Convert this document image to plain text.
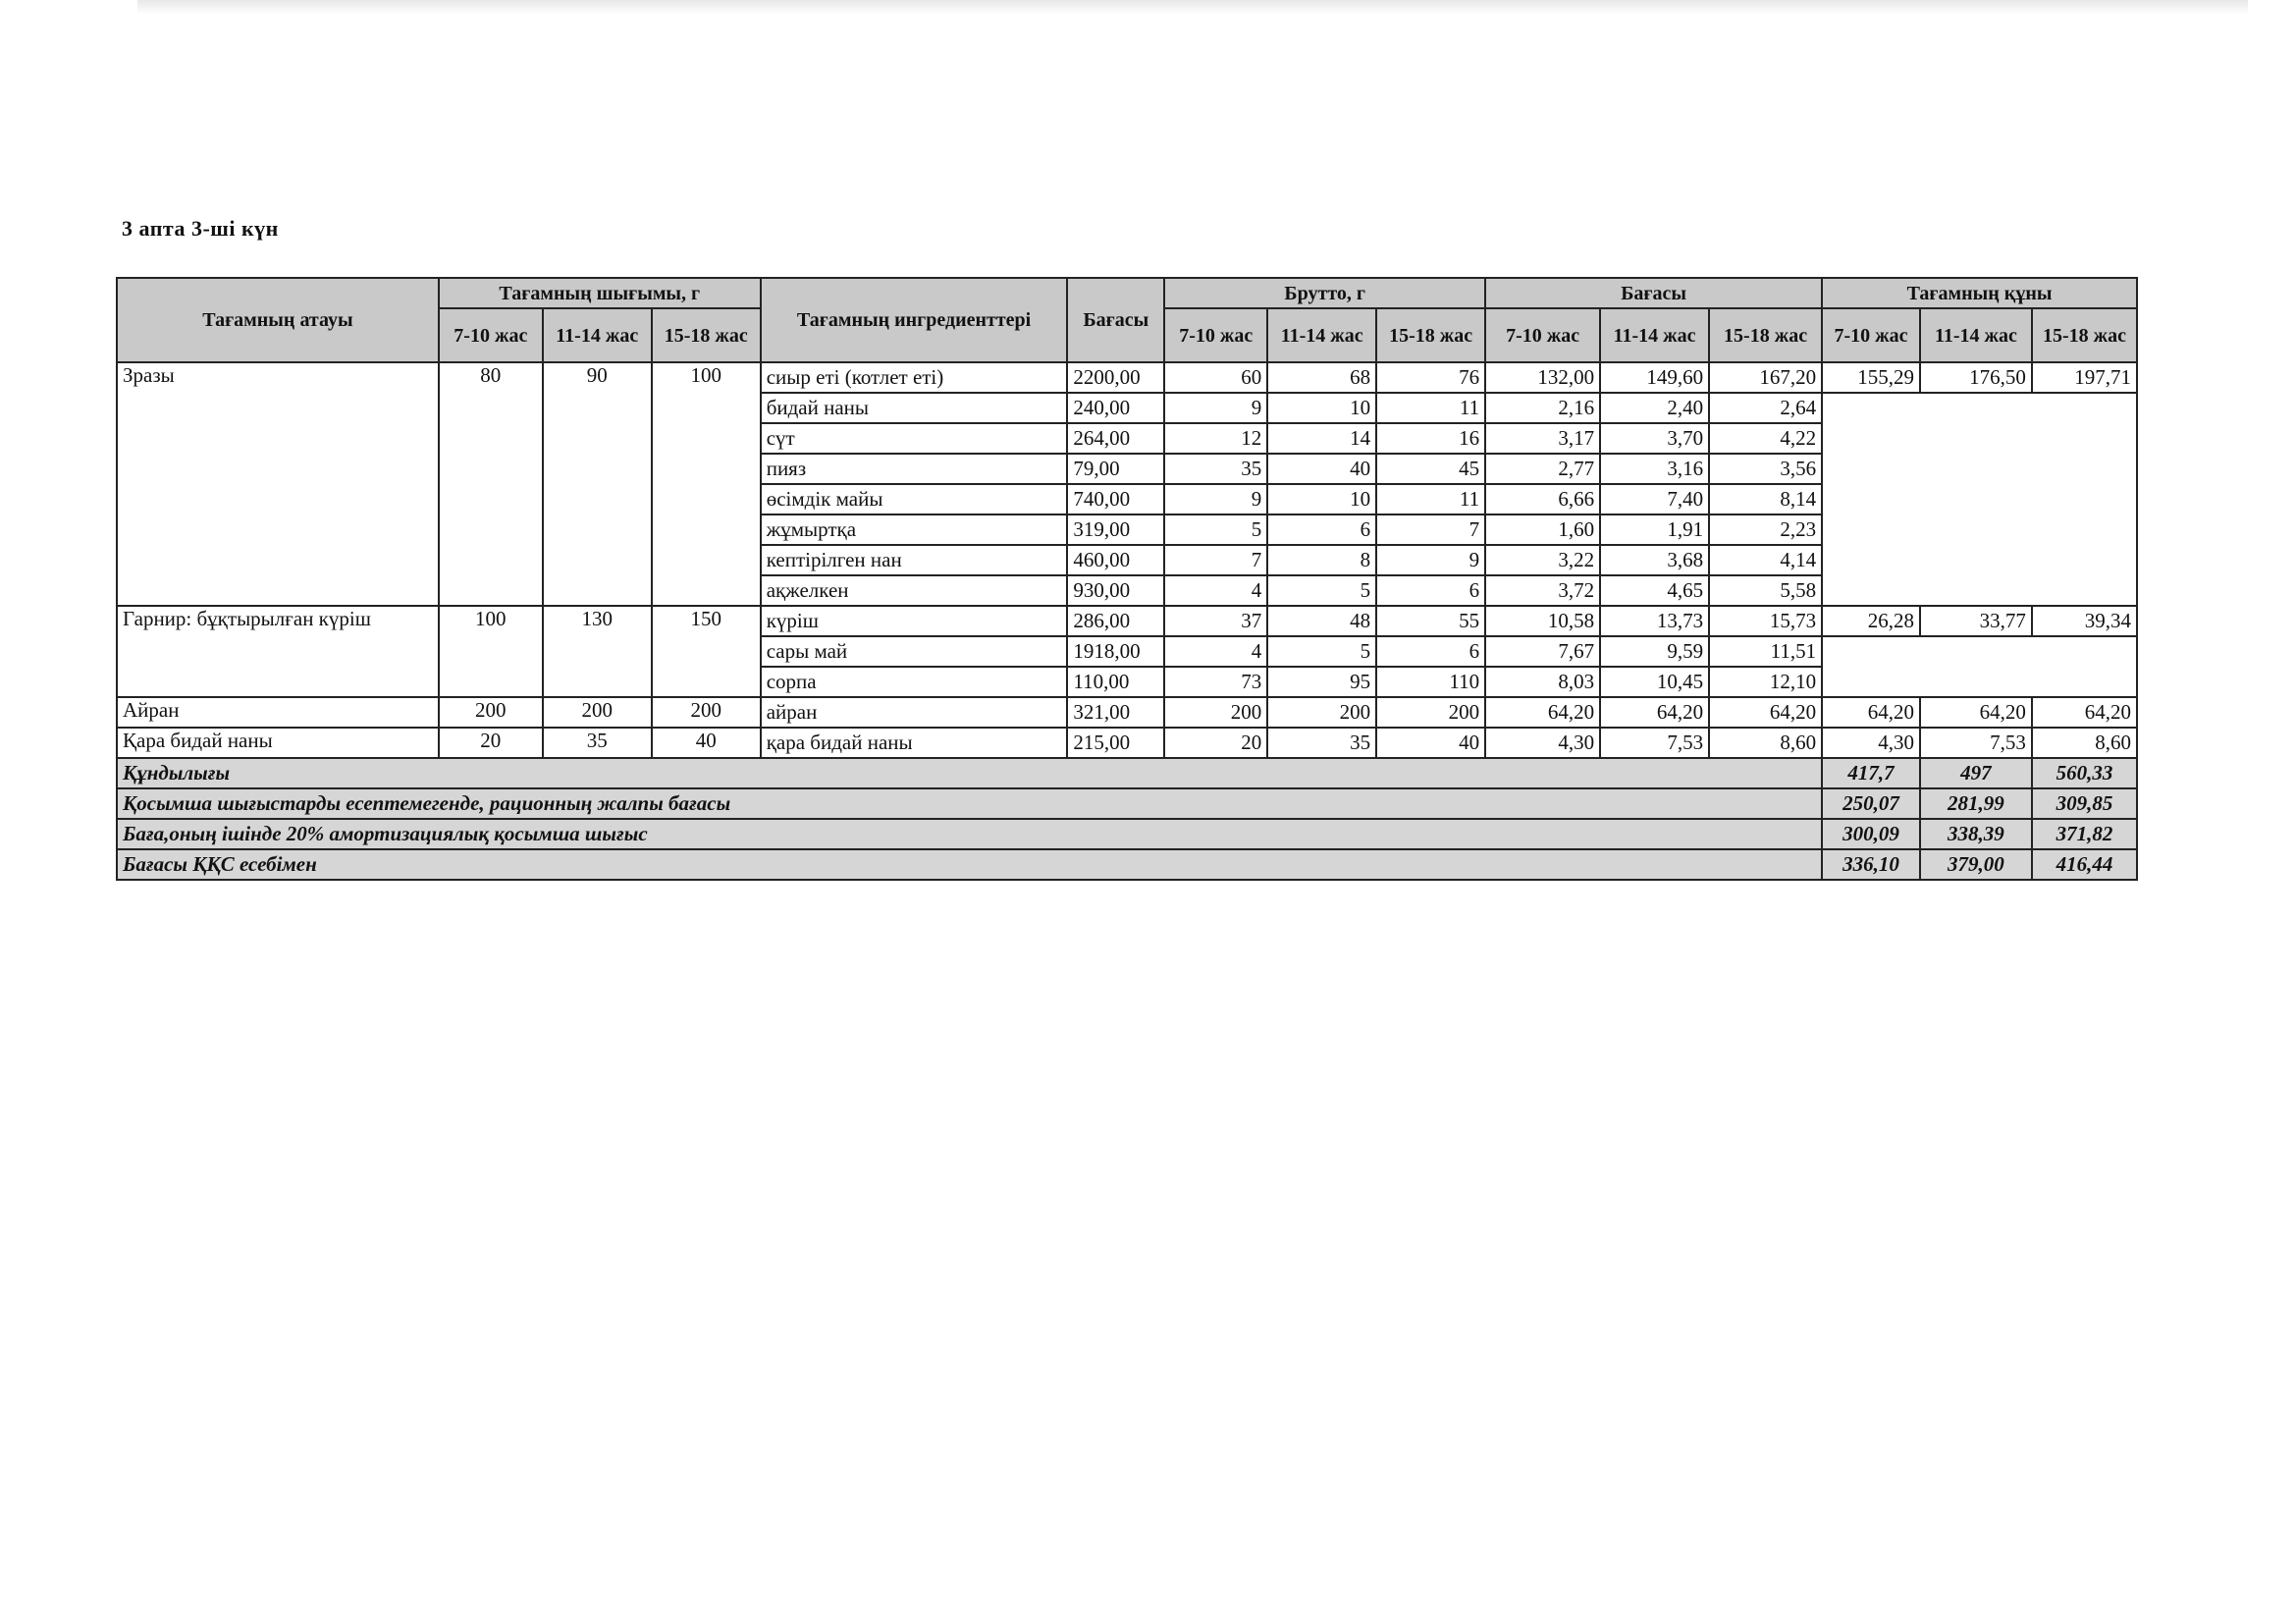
3 апта 3-ші күн
Тағамның атауы	Тағамның шығымы, г			Тағамның ингредиенттері	Бағасы	Брутто, г			Бағасы			Тағамның құны		
	7-10 жас	11-14 жас	15-18 жас			7-10 жас	11-14 жас	15-18 жас	7-10 жас	11-14 жас	15-18 жас	7-10 жас	11-14 жас	15-18 жас
Зразы	80	90	100	сиыр еті (котлет еті)	2200,00	60	68	76	132,00	149,60	167,20	155,29	176,50	197,71
				бидай наны	240,00	9	10	11	2,16	2,40	2,64			
				сүт	264,00	12	14	16	3,17	3,70	4,22			
				пияз	79,00	35	40	45	2,77	3,16	3,56			
				өсімдік майы	740,00	9	10	11	6,66	7,40	8,14			
				жұмыртқа	319,00	5	6	7	1,60	1,91	2,23			
				кептірілген нан	460,00	7	8	9	3,22	3,68	4,14			
				ақжелкен	930,00	4	5	6	3,72	4,65	5,58			
Гарнир: бұқтырылған күріш	100	130	150	күріш	286,00	37	48	55	10,58	13,73	15,73	26,28	33,77	39,34
				сары май	1918,00	4	5	6	7,67	9,59	11,51			
				сорпа	110,00	73	95	110	8,03	10,45	12,10			
Айран	200	200	200	айран	321,00	200	200	200	64,20	64,20	64,20	64,20	64,20	64,20
Қара бидай наны	20	35	40	қара бидай наны	215,00	20	35	40	4,30	7,53	8,60	4,30	7,53	8,60
Құндылығы												417,7	497	560,33
Қосымша шығыстарды есептемегенде, рационның жалпы бағасы												250,07	281,99	309,85
Баға,оның ішінде 20% амортизациялық қосымша шығыс												300,09	338,39	371,82
Бағасы ҚҚС есебімен												336,10	379,00	416,44
